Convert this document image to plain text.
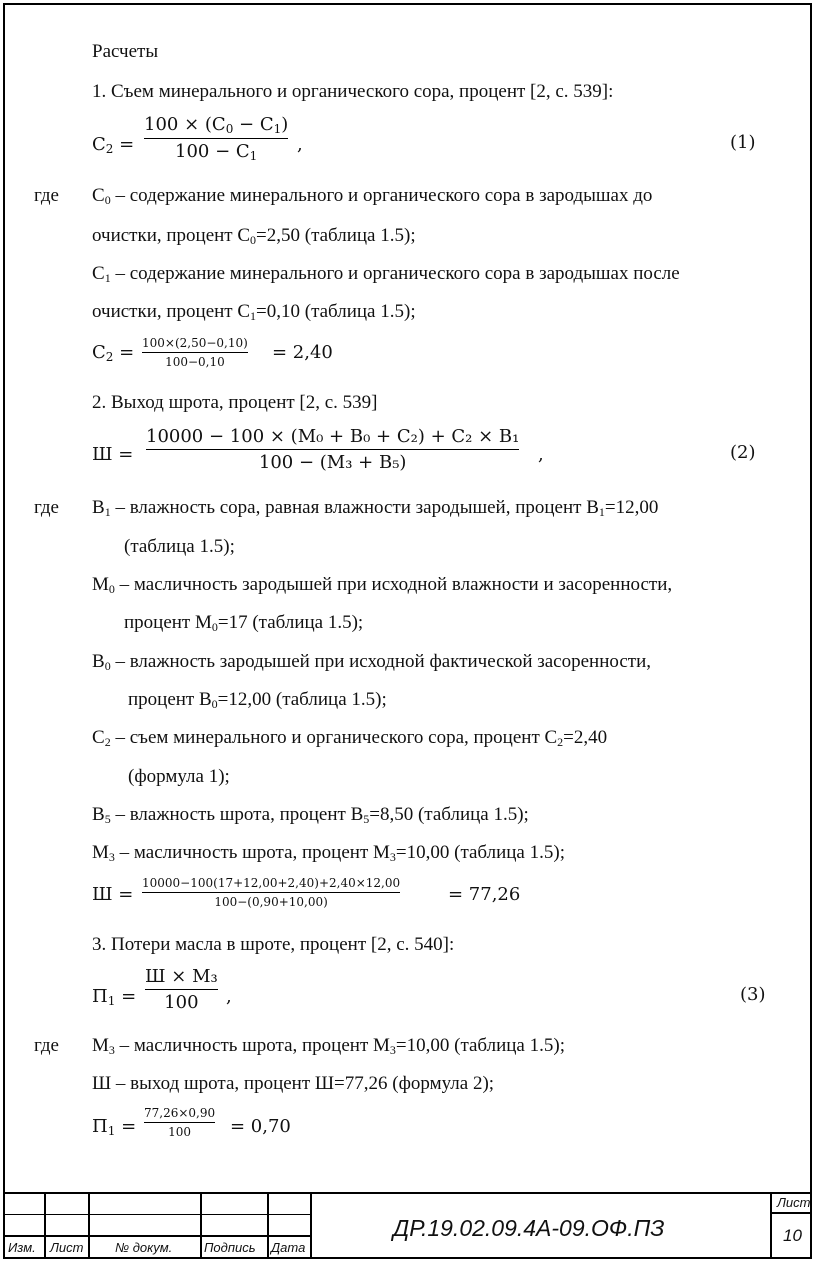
Расчеты
1. Съем минерального и органического сора, процент [2, с. 539]:
$С_2$ =
$100 \times (С_0 - С_1)$
$100 - С_1$
,	(1)
где $С_0$ – содержание минерального и органического сора в зародышах до
очистки, процент $С_0=2,50$ (таблица 1.5);
$С_1$ – содержание минерального и органического сора в зародышах после
очистки, процент $С_1=0,10$ (таблица 1.5);
$С_2 = 100\times(2,50-0,10)$
100−0,10	= 2,40
2. Выход шрота, процент [2, с. 539]
Ш =
10000 − 100 × (М₀ + В₀ + С₂) + С₂ × В₁
100 − (М₃ + В₅)	,	(2)
где $В_1$ – влажность сора, равная влажности зародышей, процент $В_1=12,00$
(таблица 1.5);
$М_0$ – масличность зародышей при исходной влажности и засоренности,
процент $М_0=17$ (таблица 1.5);
$В_0$ – влажность зародышей при исходной фактической засоренности,
процент $В_0=12,00$ (таблица 1.5);
$С_2$ – съем минерального и органического сора, процент $С_2=2,40$
(формула 1);
$В_5$ – влажность шрота, процент $В_5=8,50$ (таблица 1.5);
$М_3$ – масличность шрота, процент $М_3=10,00$ (таблица 1.5);
Ш =
10000−100(17+12,00+2,40)+2,40×12,00
100−(0,90+10,00)	= 77,26
3. Потери масла в шроте, процент [2, с. 540]:
$П_1$ =
Ш × М₃
100	,	(3)
где $М_3$ – масличность шрота, процент $М_3=10,00$ (таблица 1.5);
Ш – выход шрота, процент Ш=77,26 (формула 2);
$П_1$ =
77,26×0,90
100	= 0,70
Изм. Лист № докум. Подпись Дата
ДР.19.02.09.4А-09.ОФ.ПЗ
Лист
10
